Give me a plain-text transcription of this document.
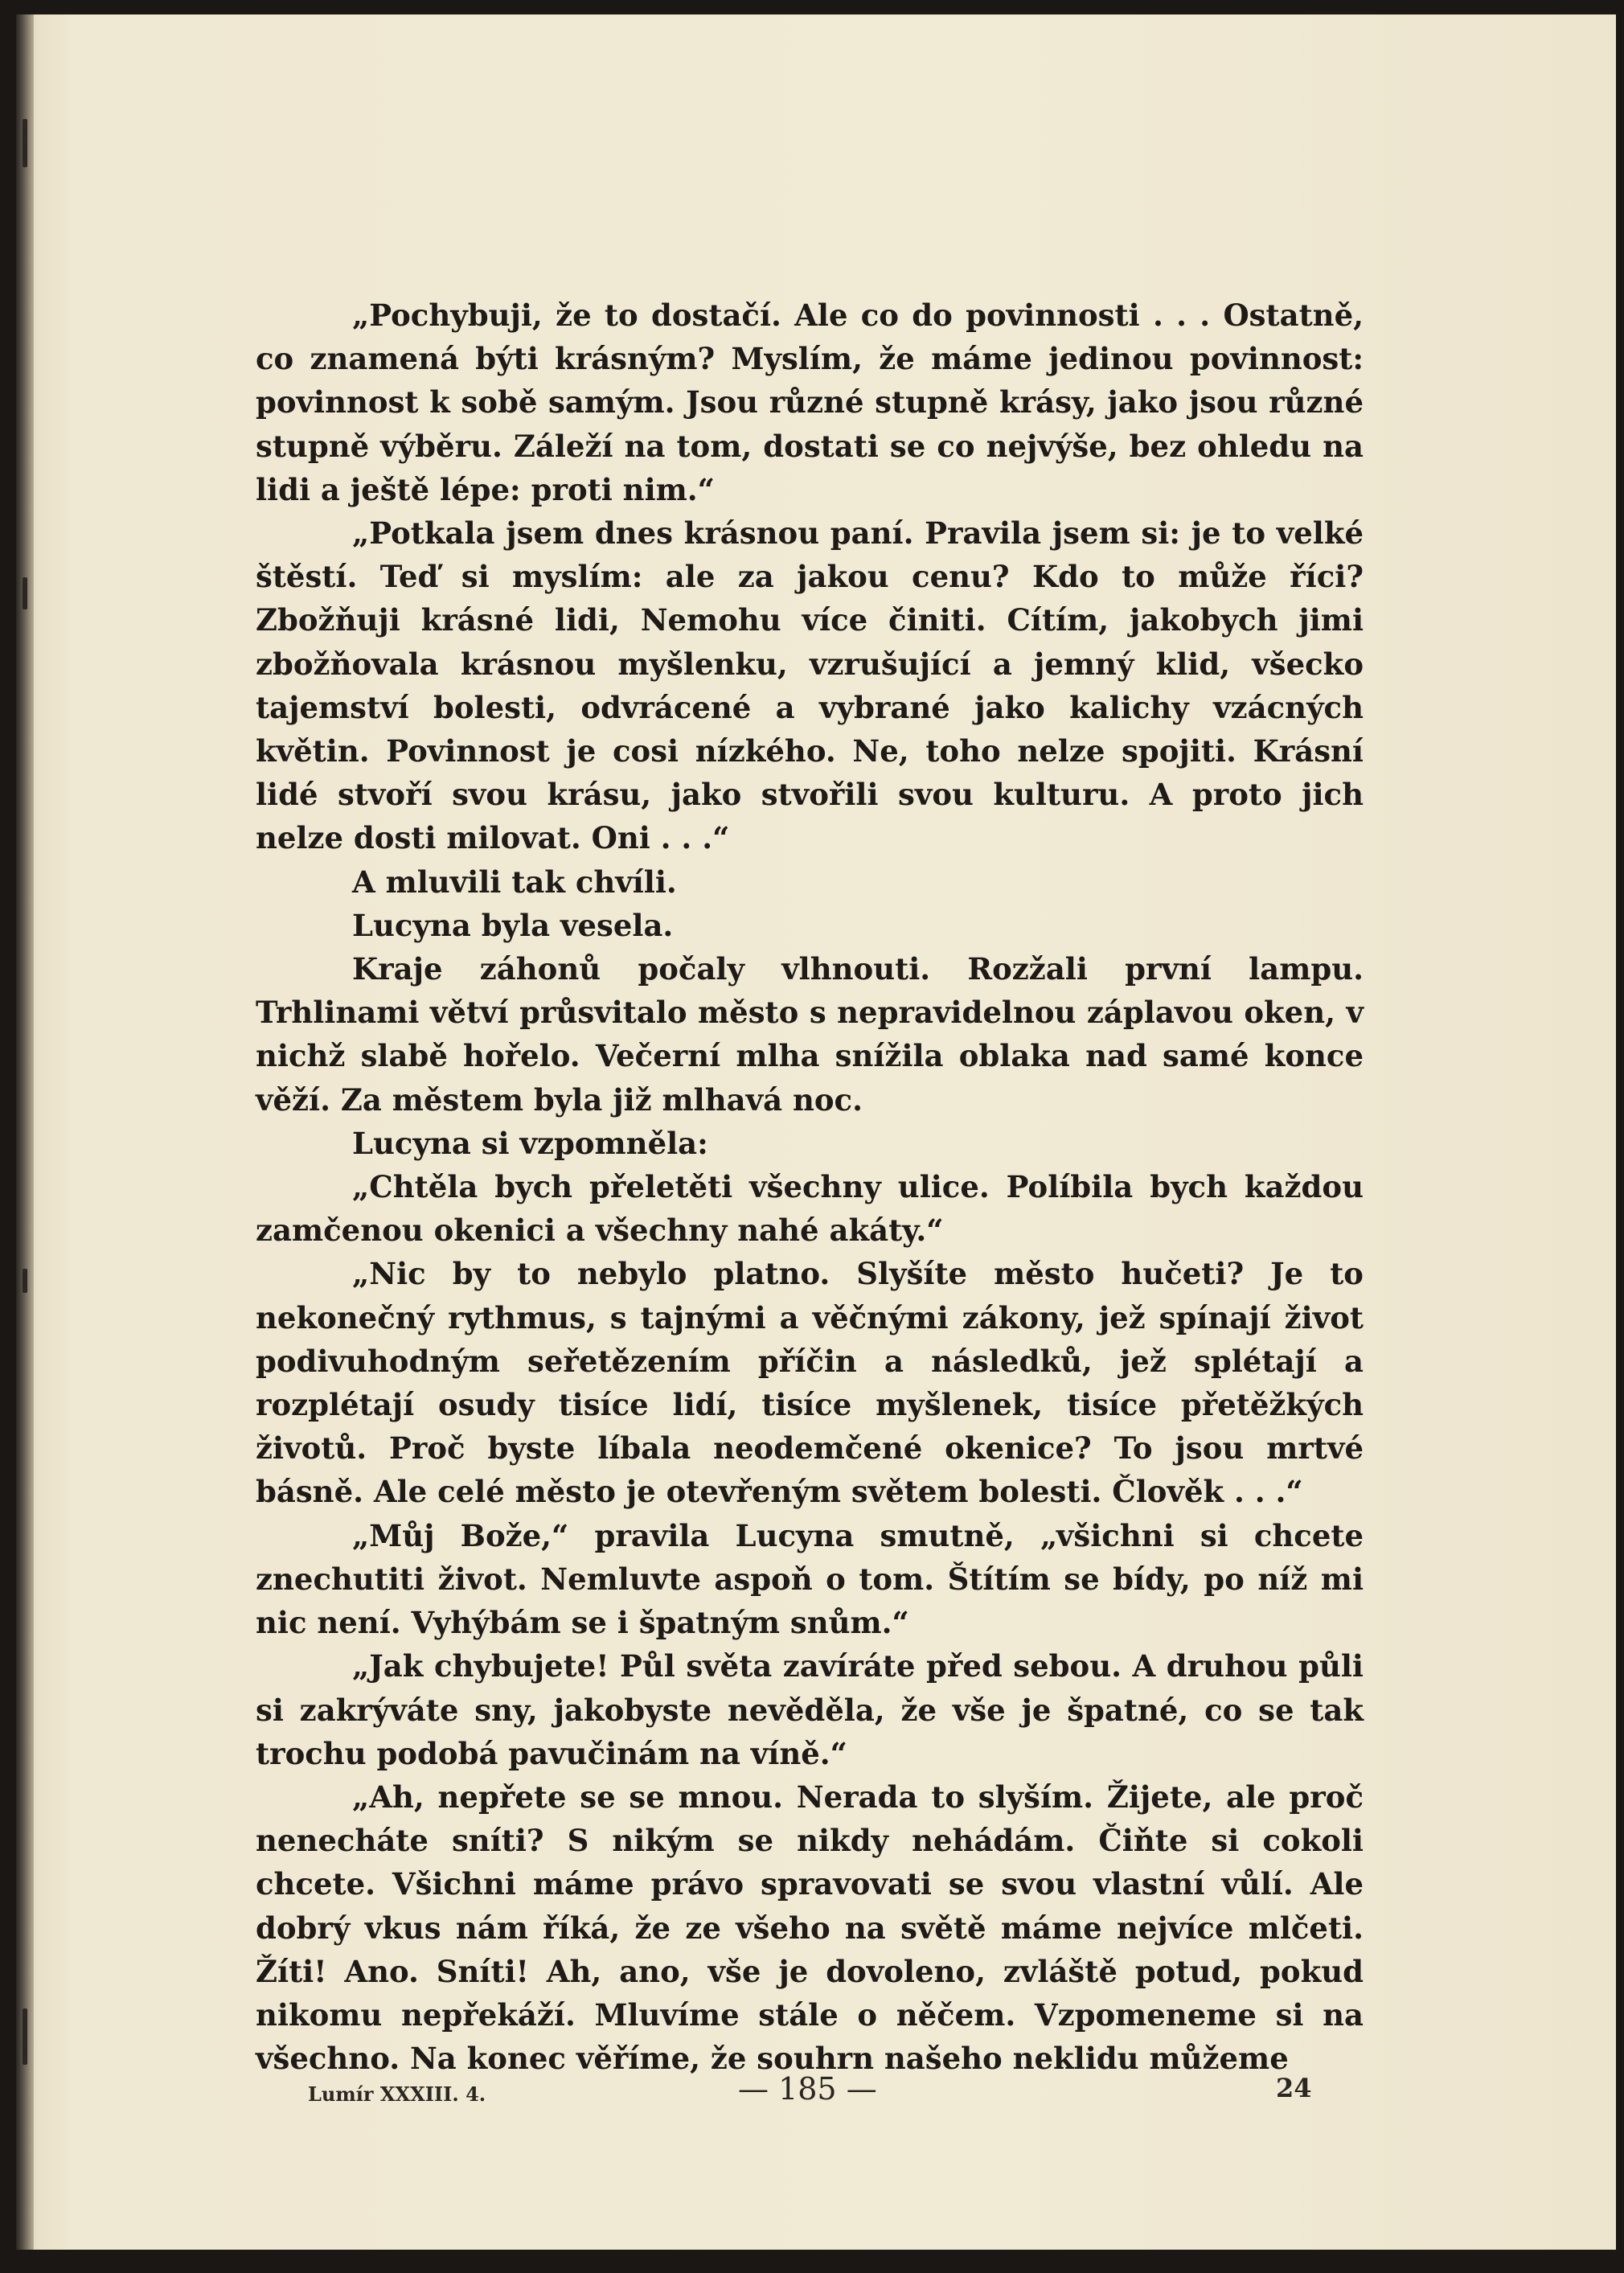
„Pochybuji, že to dostačí. Ale co do povinnosti . . . Ostatně, co znamená býti krásným? Myslím, že máme jedinou povinnost: povinnost k sobě samým. Jsou různé stupně krásy, jako jsou různé stupně výběru. Záleží na tom, dostati se co nejvýše, bez ohledu na lidi a ještě lépe: proti nim.“

„Potkala jsem dnes krásnou paní. Pravila jsem si: je to velké štěstí. Teď si myslím: ale za jakou cenu? Kdo to může říci? Zbožňuji krásné lidi, Nemohu více činiti. Cítím, jakobych jimi zbožňovala krásnou myšlenku, vzrušující a jemný klid, všecko tajemství bolesti, odvrácené a vybrané jako kalichy vzácných květin. Povinnost je cosi nízkého. Ne, toho nelze spojiti. Krásní lidé stvoří svou krásu, jako stvořili svou kulturu. A proto jich nelze dosti milovat. Oni . . .“

A mluvili tak chvíli.

Lucyna byla vesela.

Kraje záhonů počaly vlhnouti. Rozžali první lampu. Trhlinami větví průsvitalo město s nepravidelnou záplavou oken, v nichž slabě hořelo. Večerní mlha snížila oblaka nad samé konce věží. Za městem byla již mlhavá noc.

Lucyna si vzpomněla:

„Chtěla bych přeletěti všechny ulice. Políbila bych každou zamčenou okenici a všechny nahé akáty.“

„Nic by to nebylo platno. Slyšíte město hučeti? Je to nekonečný rythmus, s tajnými a věčnými zákony, jež spínají život podivuhodným seřetězením příčin a následků, jež splétají a rozplétají osudy tisíce lidí, tisíce myšlenek, tisíce přetěžkých životů. Proč byste líbala neodemčené okenice? To jsou mrtvé básně. Ale celé město je otevřeným světem bolesti. Člověk . . .“

„Můj Bože,“ pravila Lucyna smutně, „všichni si chcete znechutiti život. Nemluvte aspoň o tom. Štítím se bídy, po níž mi nic není. Vyhýbám se i špatným snům.“

„Jak chybujete! Půl světa zavíráte před sebou. A druhou půli si zakrýváte sny, jakobyste nevěděla, že vše je špatné, co se tak trochu podobá pavučinám na víně.“

„Ah, nepřete se se mnou. Nerada to slyším. Žijete, ale proč nenecháte sníti? S nikým se nikdy nehádám. Čiňte si cokoli chcete. Všichni máme právo spravovati se svou vlastní vůlí. Ale dobrý vkus nám říká, že ze všeho na světě máme nejvíce mlčeti. Žíti! Ano. Sníti! Ah, ano, vše je dovoleno, zvláště potud, pokud nikomu nepřekáží. Mluvíme stále o něčem. Vzpomeneme si na všechno. Na konec věříme, že souhrn našeho neklidu můžeme

Lumír XXXIII. 4.	— 185 —	24
